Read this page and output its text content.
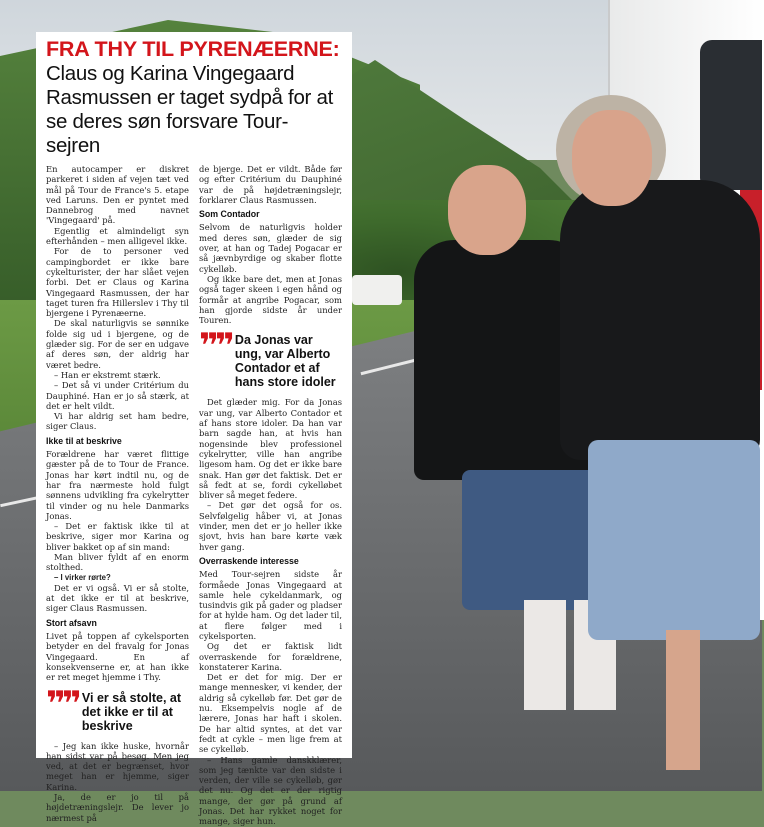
FRA THY TIL PYRENÆERNE:
Claus og Karina Vingegaard Rasmussen er taget sydpå for at se deres søn forsvare Tour-sejren

En autocamper er diskret parkeret i siden af vejen tæt ved mål på Tour de France's 5. etape ved Laruns. Den er pyntet med Dannebrog med navnet 'Vingegaard' på.

Egentlig et almindeligt syn efterhånden – men alligevel ikke.

For de to personer ved campingbordet er ikke bare cykelturister, der har slået vejen forbi. Det er Claus og Karina Vingegaard Rasmussen, der har taget turen fra Hillerslev i Thy til bjergene i Pyrenæerne.

De skal naturligvis se sønnike folde sig ud i bjergene, og de glæder sig. For de ser en udgave af deres søn, der aldrig har været bedre.

– Han er ekstremt stærk.

– Det så vi under Critérium du Dauphiné. Han er jo så stærk, at det er helt vildt.

Vi har aldrig set ham bedre, siger Claus.

Ikke til at beskrive

Forældrene har været flittige gæster på de to Tour de France. Jonas har kørt indtil nu, og de har fra nærmeste hold fulgt sønnens udvikling fra cykelrytter til vinder og nu hele Danmarks Jonas.

– Det er faktisk ikke til at beskrive, siger mor Karina og bliver bakket op af sin mand:

Man bliver fyldt af en enorm stolthed.

– I virker rørte?

Det er vi også. Vi er så stolte, at det ikke er til at beskrive, siger Claus Rasmussen.

Stort afsavn

Livet på toppen af cykelsporten betyder en del fravalg for Jonas Vingegaard. En af konsekvenserne er, at han ikke er ret meget hjemme i Thy.

❞❞ Vi er så stolte, at det ikke er til at beskrive

– Jeg kan ikke huske, hvornår han sidst var på besøg. Men jeg ved, at det er begrænset, hvor meget han er hjemme, siger Karina.

Ja, de er jo til på højdetræningslejr. De lever jo nærmest på

de bjerge. Det er vildt. Både før og efter Critérium du Dauphiné var de på højdetræningslejr, forklarer Claus Rasmussen.

Som Contador

Selvom de naturligvis holder med deres søn, glæder de sig over, at han og Tadej Pogacar er så jævnbyrdige og skaber flotte cykelløb.

Og ikke bare det, men at Jonas også tager skeen i egen hånd og formår at angribe Pogacar, som han gjorde sidste år under Touren.

❞❞ Da Jonas var ung, var Alberto Contador et af hans store idoler

Det glæder mig. For da Jonas var ung, var Alberto Contador et af hans store idoler. Da han var barn sagde han, at hvis han nogensinde blev professionel cykelrytter, ville han angribe ligesom ham. Og det er ikke bare snak. Han gør det faktisk. Det er så fedt at se, fordi cykelløbet bliver så meget federe.

– Det gør det også for os. Selvfølgelig håber vi, at Jonas vinder, men det er jo heller ikke sjovt, hvis han bare kørte væk hver gang.

Overraskende interesse

Med Tour-sejren sidste år formåede Jonas Vingegaard at samle hele cykeldanmark, og tusindvis gik på gader og pladser for at hylde ham. Og det lader til, at flere følger med i cykelsporten.

Og det er faktisk lidt overraskende for forældrene, konstaterer Karina.

Det er det for mig. Der er mange mennesker, vi kender, der aldrig så cykelløb før. Det gør de nu. Eksempelvis nogle af de lærere, Jonas har haft i skolen. De har altid syntes, at det var fedt at cykle – men lige frem at se cykelløb.

– Hans gamle danskklærer, som jeg tænkte var den sidste i verden, der ville se cykelløb, gør det nu. Og det er der rigtig mange, der gør på grund af Jonas. Det har rykket noget for mange, siger hun.
